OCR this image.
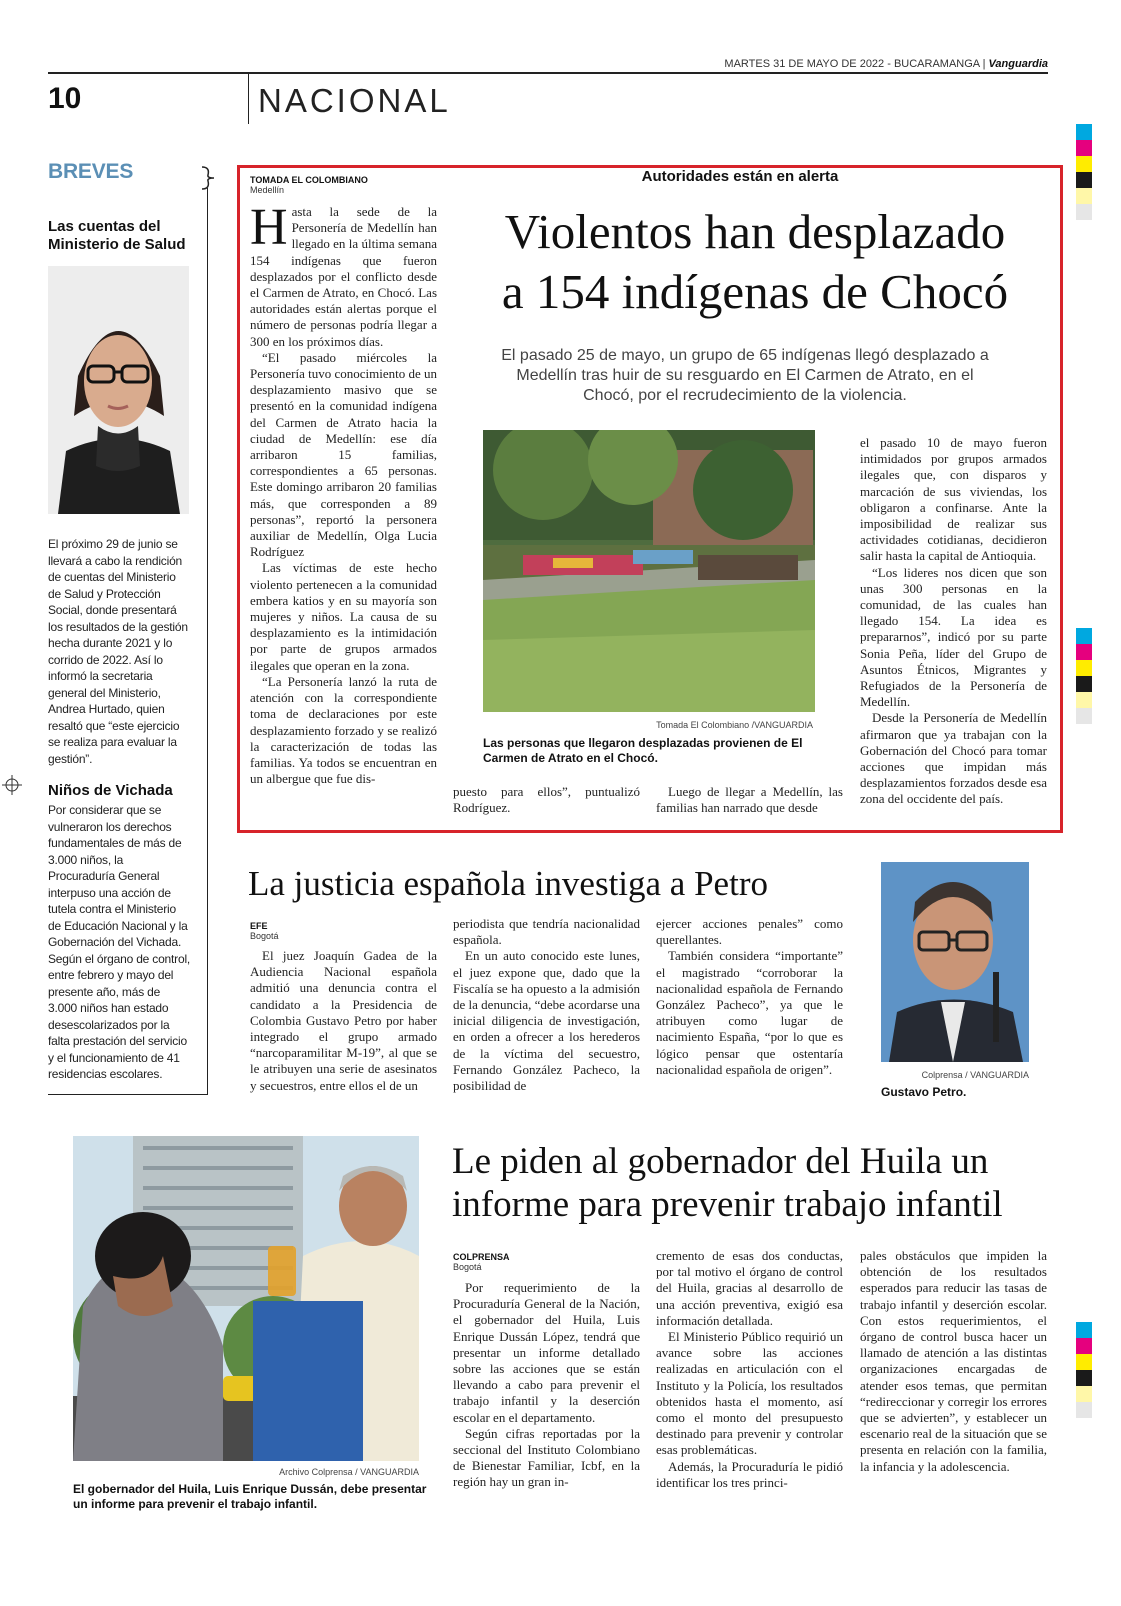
MARTES 31 DE MAYO DE 2022 - BUCARAMANGA | Vanguardia
10	NACIONAL
BREVES
Las cuentas del Ministerio de Salud
El próximo 29 de junio se llevará a cabo la rendición de cuentas del Ministerio de Salud y Protección Social, donde presentará los resultados de la gestión hecha durante 2021 y lo corrido de 2022. Así lo informó la secretaria general del Ministerio, Andrea Hurtado, quien resaltó que “este ejercicio se realiza para evaluar la gestión”.
Niños de Vichada
Por considerar que se vulneraron los derechos fundamentales de más de 3.000 niños, la Procuraduría General interpuso una acción de tutela contra el Ministerio de Educación Nacional y la Gobernación del Vichada. Según el órgano de control, entre febrero y mayo del presente año, más de 3.000 niños han estado desescolarizados por la falta prestación del servicio y el funcionamiento de 41 residencias escolares.
TOMADA EL COLOMBIANO
Medellín
Autoridades están en alerta
Violentos han desplazado
a 154 indígenas de Chocó
El pasado 25 de mayo, un grupo de 65 indígenas llegó desplazado a Medellín tras huir de su resguardo en El Carmen de Atrato, en el Chocó, por el recrudecimiento de la violencia.

Hasta la sede de la Personería de Medellín han llegado en la última semana 154 indígenas que fueron desplazados por el conflicto desde el Carmen de Atrato, en Chocó. Las autoridades están alertas porque el número de personas podría llegar a 300 en los próximos días.

“El pasado miércoles la Personería tuvo conocimiento de un desplazamiento masivo que se presentó en la comunidad indígena del Carmen de Atrato hacia la ciudad de Medellín: ese día arribaron 15 familias, correspondientes a 65 personas. Este domingo arribaron 20 familias más, que corresponden a 89 personas”, reportó la personera auxiliar de Medellín, Olga Lucia Rodríguez

Las víctimas de este hecho violento pertenecen a la comunidad embera katios y en su mayoría son mujeres y niños. La causa de su desplazamiento es la intimidación por parte de grupos armados ilegales que operan en la zona.

“La Personería lanzó la ruta de atención con la correspondiente toma de declaraciones por este desplazamiento forzado y se realizó la caracterización de todas las familias. Ya todos se encuentran en un albergue que fue dis-

Tomada El Colombiano /VANGUARDIA
Las personas que llegaron desplazadas provienen de El Carmen de Atrato en el Chocó.

puesto para ellos”, puntualizó Rodríguez.

Luego de llegar a Medellín, las familias han narrado que desde

el pasado 10 de mayo fueron intimidados por grupos armados ilegales que, con disparos y marcación de sus viviendas, los obligaron a confinarse. Ante la imposibilidad de realizar sus actividades cotidianas, decidieron salir hasta la capital de Antioquia.

“Los lideres nos dicen que son unas 300 personas en la comunidad, de las cuales han llegado 154. La idea es prepararnos”, indicó por su parte Sonia Peña, líder del Grupo de Asuntos Étnicos, Migrantes y Refugiados de la Personería de Medellín.

Desde la Personería de Medellín afirmaron que ya trabajan con la Gobernación del Chocó para tomar acciones que impidan más desplazamientos forzados desde esa zona del occidente del país.

La justicia española investiga a Petro
EFE
Bogotá

El juez Joaquín Gadea de la Audiencia Nacional española admitió una denuncia contra el candidato a la Presidencia de Colombia Gustavo Petro por haber integrado el grupo armado “narcoparamilitar M-19”, al que se le atribuyen una serie de asesinatos y secuestros, entre ellos el de un

periodista que tendría nacionalidad española.

En un auto conocido este lunes, el juez expone que, dado que la Fiscalía se ha opuesto a la admisión de la denuncia, “debe acordarse una inicial diligencia de investigación, en orden a ofrecer a los herederos de la víctima del secuestro, Fernando González Pacheco, la posibilidad de

ejercer acciones penales” como querellantes.

También considera “importante” el magistrado “corroborar la nacionalidad española de Fernando González Pacheco”, ya que le atribuyen como lugar de nacimiento España, “por lo que es lógico pensar que ostentaría nacionalidad española de origen”.	Colprensa / VANGUARDIA
Gustavo Petro.
Archivo Colprensa / VANGUARDIA
El gobernador del Huila, Luis Enrique Dussán, debe presentar un informe para prevenir el trabajo infantil.
Le piden al gobernador del Huila un informe para prevenir trabajo infantil
COLPRENSA
Bogotá

Por requerimiento de la Procuraduría General de la Nación, el gobernador del Huila, Luis Enrique Dussán López, tendrá que presentar un informe detallado sobre las acciones que se están llevando a cabo para prevenir el trabajo infantil y la deserción escolar en el departamento.

Según cifras reportadas por la seccional del Instituto Colombiano de Bienestar Familiar, Icbf, en la región hay un gran in-

cremento de esas dos conductas, por tal motivo el órgano de control del Huila, gracias al desarrollo de una acción preventiva, exigió esa información detallada.

El Ministerio Público requirió un avance sobre las acciones realizadas en articulación con el Instituto y la Policía, los resultados obtenidos hasta el momento, así como el monto del presupuesto destinado para prevenir y controlar esas problemáticas.

Además, la Procuraduría le pidió identificar los tres princi-

pales obstáculos que impiden la obtención de los resultados esperados para reducir las tasas de trabajo infantil y deserción escolar. Con estos requerimientos, el órgano de control busca hacer un llamado de atención a las distintas organizaciones encargadas de atender esos temas, que permitan “redireccionar y corregir los errores que se advierten”, y establecer un escenario real de la situación que se presenta en relación con la familia, la infancia y la adolescencia.
